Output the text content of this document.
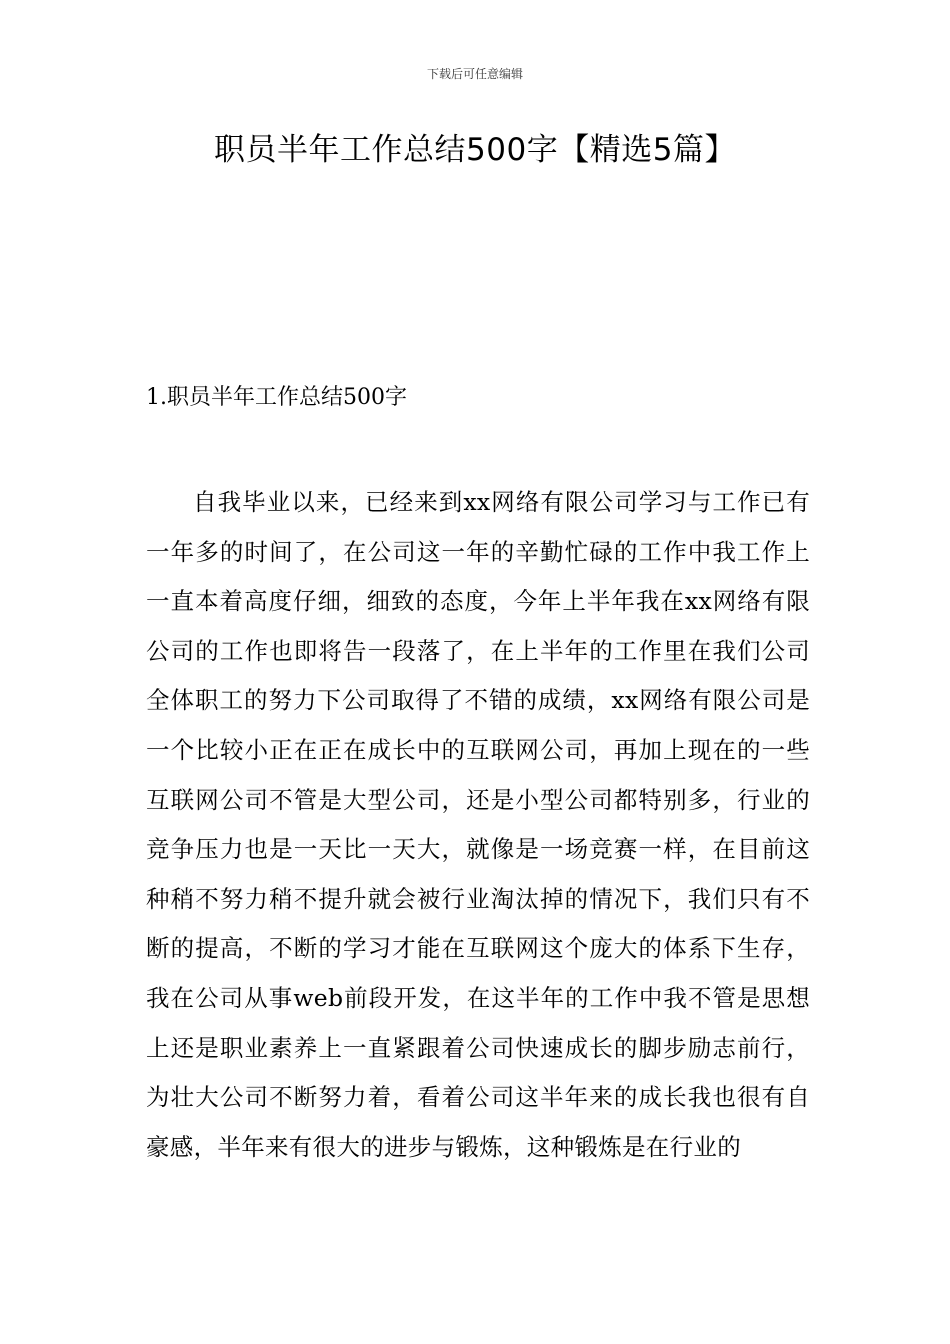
下载后可任意编辑
职员半年工作总结500字【精选5篇】
1.职员半年工作总结500字

自我毕业以来，已经来到xx网络有限公司学习与工作已有一年多的时间了，在公司这一年的辛勤忙碌的工作中我工作上一直本着高度仔细，细致的态度，今年上半年我在xx网络有限公司的工作也即将告一段落了，在上半年的工作里在我们公司全体职工的努力下公司取得了不错的成绩，xx网络有限公司是一个比较小正在正在成长中的互联网公司，再加上现在的一些互联网公司不管是大型公司，还是小型公司都特别多，行业的竞争压力也是一天比一天大，就像是一场竞赛一样，在目前这种稍不努力稍不提升就会被行业淘汰掉的情况下，我们只有不断的提高，不断的学习才能在互联网这个庞大的体系下生存，我在公司从事web前段开发，在这半年的工作中我不管是思想上还是职业素养上一直紧跟着公司快速成长的脚步励志前行，为壮大公司不断努力着，看着公司这半年来的成长我也很有自豪感，半年来有很大的进步与锻炼，这种锻炼是在行业的
